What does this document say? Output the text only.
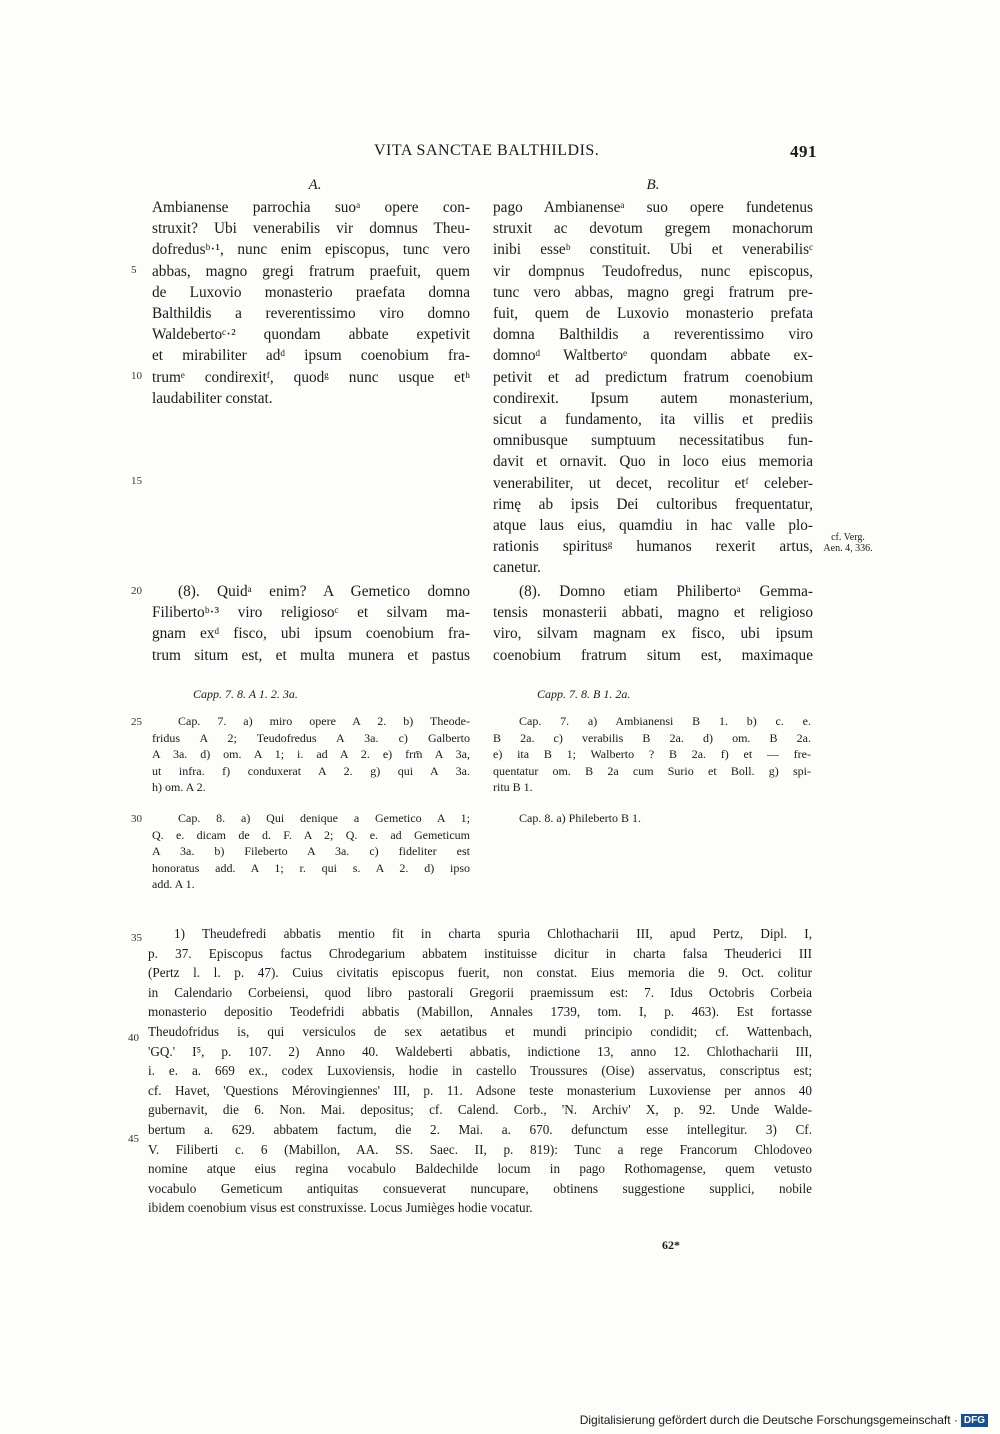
VITA SANCTAE BALTHILDIS.	491
A.	B.
Ambianense parrochia suoᵃ opere con-
struxit? Ubi venerabilis vir domnus Theu-
dofredusᵇ·¹, nunc enim episcopus, tunc vero
abbas, magno gregi fratrum praefuit, quem
de Luxovio monasterio praefata domna
Balthildis a reverentissimo viro domno
Waldebertoᶜ·² quondam abbate expetivit
et mirabiliter adᵈ ipsum coenobium fra-
trumᵉ condirexitᶠ, quodᵍ nunc usque etʰ
laudabiliter constat.
(8). Quidᵃ enim? A Gemetico domno
Filibertoᵇ·³ viro religiosoᶜ et silvam ma-
gnam exᵈ fisco, ubi ipsum coenobium fra-
trum situm est, et multa munera et pastus
pago Ambianenseᵃ suo opere fundetenus
struxit ac devotum gregem monachorum
inibi esseᵇ constituit. Ubi et venerabilisᶜ
vir dompnus Teudofredus, nunc episcopus,
tunc vero abbas, magno gregi fratrum pre-
fuit, quem de Luxovio monasterio prefata
domna Balthildis a reverentissimo viro
domnoᵈ Waltbertoᵉ quondam abbate ex-
petivit et ad predictum fratrum coenobium
condirexit. Ipsum autem monasterium,
sicut a fundamento, ita villis et prediis
omnibusque sumptuum necessitatibus fun-
davit et ornavit. Quo in loco eius memoria
venerabiliter, ut decet, recolitur etᶠ celeber-
rimę ab ipsis Dei cultoribus frequentatur,
atque laus eius, quamdiu in hac valle plo-
rationis spiritusᵍ humanos rexerit artus,
canetur.
(8). Domno etiam Philibertoᵃ Gemma-
tensis monasterii abbati, magno et religioso
viro, silvam magnam ex fisco, ubi ipsum
coenobium fratrum situm est, maximaque
cf. Verg.
Aen. 4, 336.
5
10
15
20
25
30
35
40
45
Capp. 7. 8. A 1. 2. 3a.
Cap. 7. a) miro opere A 2. b) Theode-
fridus A 2; Teudofredus A 3a. c) Galberto
A 3a. d) om. A 1; i. ad A 2. e) frm̄ A 3a,
ut infra. f) conduxerat A 2. g) qui A 3a.
h) om. A 2.
Cap. 8. a) Qui denique a Gemetico A 1;
Q. e. dicam de d. F. A 2; Q. e. ad Gemeticum
A 3a. b) Fileberto A 3a. c) fideliter est
honoratus add. A 1; r. qui s. A 2. d) ipso
add. A 1.
Capp. 7. 8. B 1. 2a.
Cap. 7. a) Ambianensi B 1. b) c. e.
B 2a. c) verabilis B 2a. d) om. B 2a.
e) ita B 1; Walberto ? B 2a. f) et — fre-
quentatur om. B 2a cum Surio et Boll. g) spi-
ritu B 1.
Cap. 8. a) Phileberto B 1.
1) Theudefredi abbatis mentio fit in charta spuria Chlothacharii III, apud Pertz, Dipl. I,
p. 37. Episcopus factus Chrodegarium abbatem instituisse dicitur in charta falsa Theuderici III
(Pertz l. l. p. 47). Cuius civitatis episcopus fuerit, non constat. Eius memoria die 9. Oct. colitur
in Calendario Corbeiensi, quod libro pastorali Gregorii praemissum est: 7. Idus Octobris Corbeia
monasterio depositio Teodefridi abbatis (Mabillon, Annales 1739, tom. I, p. 463). Est fortasse
Theudofridus is, qui versiculos de sex aetatibus et mundi principio condidit; cf. Wattenbach,
'GQ.' I⁵, p. 107. 2) Anno 40. Waldeberti abbatis, indictione 13, anno 12. Chlothacharii III,
i. e. a. 669 ex., codex Luxoviensis, hodie in castello Troussures (Oise) asservatus, conscriptus est;
cf. Havet, 'Questions Mérovingiennes' III, p. 11. Adsone teste monasterium Luxoviense per annos 40
gubernavit, die 6. Non. Mai. depositus; cf. Calend. Corb., 'N. Archiv' X, p. 92. Unde Walde-
bertum a. 629. abbatem factum, die 2. Mai. a. 670. defunctum esse intellegitur. 3) Cf.
V. Filiberti c. 6 (Mabillon, AA. SS. Saec. II, p. 819): Tunc a rege Francorum Chlodoveo
nomine atque eius regina vocabulo Baldechilde locum in pago Rothomagense, quem vetusto
vocabulo Gemeticum antiquitas consueverat nuncupare, obtinens suggestione supplici, nobile
ibidem coenobium visus est construxisse. Locus Jumièges hodie vocatur.
62*
Digitalisierung gefördert durch die Deutsche Forschungsgemeinschaft · DFG
